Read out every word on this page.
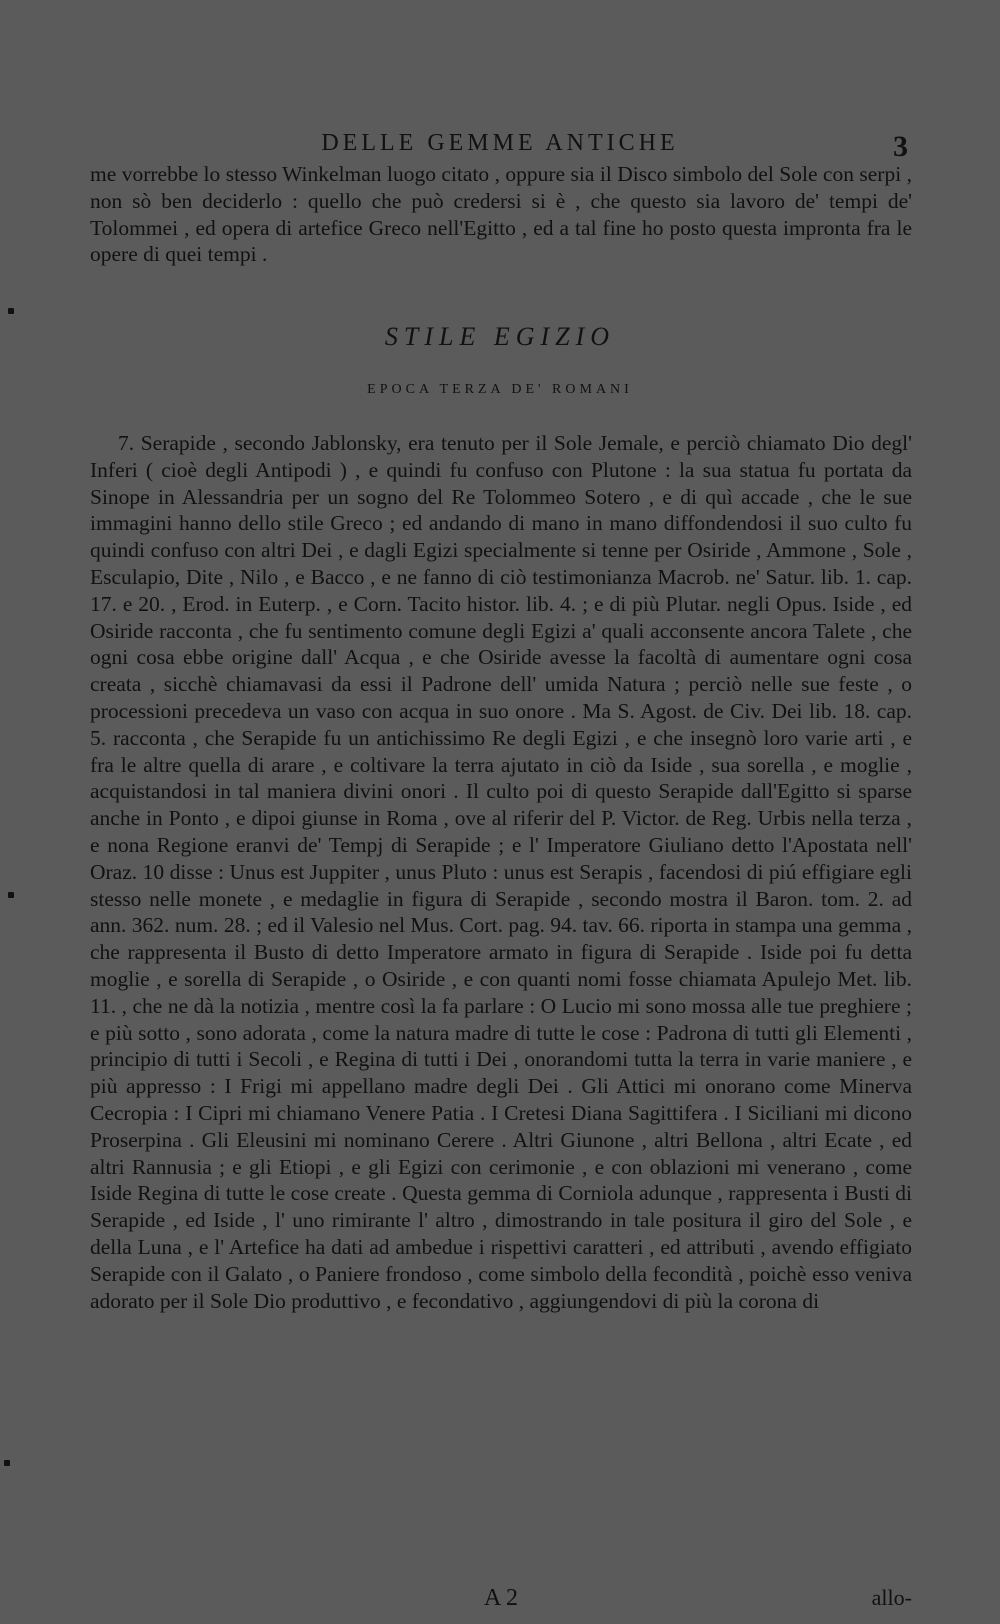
DELLE GEMME ANTICHE	3
me vorrebbe lo stesso Winkelman luogo citato , oppure sia il Disco simbolo del Sole con serpi , non sò ben deciderlo : quello che può credersi si è , che questo sia lavoro de' tempi de' Tolommei , ed opera di artefice Greco nell'Egitto , ed a tal fine ho posto questa impronta fra le opere di quei tempi .
STILE EGIZIO
EPOCA TERZA DE' ROMANI
7. Serapide , secondo Jablonsky, era tenuto per il Sole Jemale, e perciò chiamato Dio degl' Inferi ( cioè degli Antipodi ) , e quindi fu confuso con Plutone : la sua statua fu portata da Sinope in Alessandria per un sogno del Re Tolommeo Sotero , e di quì accade , che le sue immagini hanno dello stile Greco ; ed andando di mano in mano diffondendosi il suo culto fu quindi confuso con altri Dei , e dagli Egizi specialmente si tenne per Osiride , Ammone , Sole , Esculapio, Dite , Nilo , e Bacco , e ne fanno di ciò testimonianza Macrob. ne' Satur. lib. 1. cap. 17. e 20. , Erod. in Euterp. , e Corn. Tacito histor. lib. 4. ; e di più Plutar. negli Opus. Iside , ed Osiride racconta , che fu sentimento comune degli Egizi a' quali acconsente ancora Talete , che ogni cosa ebbe origine dall' Acqua , e che Osiride avesse la facoltà di aumentare ogni cosa creata , sicchè chiamavasi da essi il Padrone dell' umida Natura ; perciò nelle sue feste , o processioni precedeva un vaso con acqua in suo onore . Ma S. Agost. de Civ. Dei lib. 18. cap. 5. racconta , che Serapide fu un antichissimo Re degli Egizi , e che insegnò loro varie arti , e fra le altre quella di arare , e coltivare la terra ajutato in ciò da Iside , sua sorella , e moglie , acquistandosi in tal maniera divini onori . Il culto poi di questo Serapide dall'Egitto si sparse anche in Ponto , e dipoi giunse in Roma , ove al riferir del P. Victor. de Reg. Urbis nella terza , e nona Regione eranvi de' Tempj di Serapide ; e l' Imperatore Giuliano detto l'Apostata nell' Oraz. 10 disse : Unus est Juppiter , unus Pluto : unus est Serapis , facendosi di piú effigiare egli stesso nelle monete , e medaglie in figura di Serapide , secondo mostra il Baron. tom. 2. ad ann. 362. num. 28. ; ed il Valesio nel Mus. Cort. pag. 94. tav. 66. riporta in stampa una gemma , che rappresenta il Busto di detto Imperatore armato in figura di Serapide . Iside poi fu detta moglie , e sorella di Serapide , o Osiride , e con quanti nomi fosse chiamata Apulejo Met. lib. 11. , che ne dà la notizia , mentre così la fa parlare : O Lucio mi sono mossa alle tue preghiere ; e più sotto , sono adorata , come la natura madre di tutte le cose : Padrona di tutti gli Elementi , principio di tutti i Secoli , e Regina di tutti i Dei , onorandomi tutta la terra in varie maniere , e più appresso : I Frigi mi appellano madre degli Dei . Gli Attici mi onorano come Minerva Cecropia : I Cipri mi chiamano Venere Patia . I Cretesi Diana Sagittifera . I Siciliani mi dicono Proserpina . Gli Eleusini mi nominano Cerere . Altri Giunone , altri Bellona , altri Ecate , ed altri Rannusia ; e gli Etiopi , e gli Egizi con cerimonie , e con oblazioni mi venerano , come Iside Regina di tutte le cose create . Questa gemma di Corniola adunque , rappresenta i Busti di Serapide , ed Iside , l' uno rimirante l' altro , dimostrando in tale positura il giro del Sole , e della Luna , e l' Artefice ha dati ad ambedue i rispettivi caratteri , ed attributi , avendo effigiato Serapide con il Galato , o Paniere frondoso , come simbolo della fecondità , poichè esso veniva adorato per il Sole Dio produttivo , e fecondativo , aggiungendovi di più la corona di
A 2	allo-
